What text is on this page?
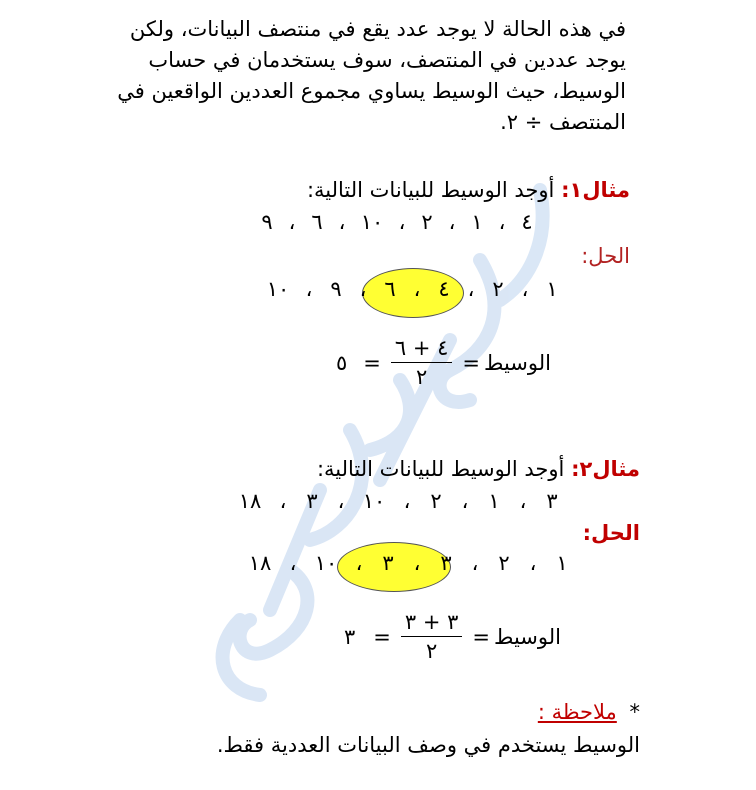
في هذه الحالة لا يوجد عدد يقع في منتصف البيانات، ولكن يوجد عددين في المنتصف، سوف يستخدمان في حساب الوسيط، حيث الوسيط يساوي مجموع العددين الواقعين في المنتصف ÷ ٢.
مثال١: أوجد الوسيط للبيانات التالية:
٤
،
١
،
٢
،
١٠
،
٦
،
٩
الحل:
١
،
٢
،
٤
،
٦
،
٩
،
١٠
٥ = $\frac{٤ + ٦}{٢}$ = الوسيط
مثال٢: أوجد الوسيط للبيانات التالية:
٣
،
١
،
٢
،
١٠
،
٣
،
١٨
الحل:
١
،
٢
،
٣
،
٣
،
١٠
،
١٨
٣ = $\frac{٣ + ٣}{٢}$ = الوسيط
* ملاحظة :
الوسيط يستخدم في وصف البيانات العددية فقط.
